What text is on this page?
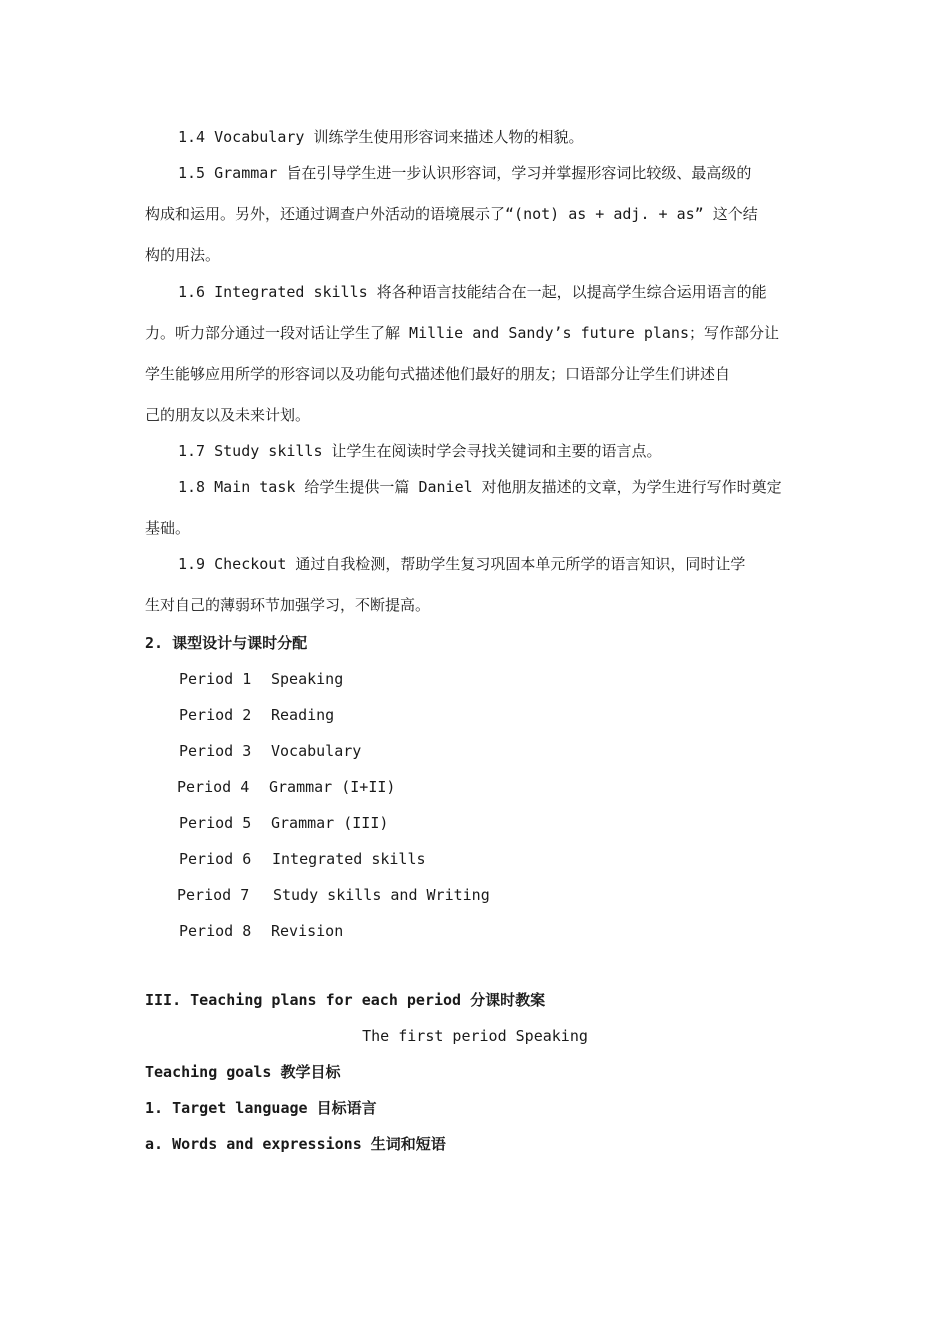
1.4 Vocabulary 训练学生使用形容词来描述人物的相貌。
1.5 Grammar 旨在引导学生进一步认识形容词，学习并掌握形容词比较级、最高级的
构成和运用。另外，还通过调查户外活动的语境展示了“(not) as + adj. + as” 这个结
构的用法。
1.6 Integrated skills 将各种语言技能结合在一起，以提高学生综合运用语言的能
力。听力部分通过一段对话让学生了解 Millie and Sandy’s future plans；写作部分让
学生能够应用所学的形容词以及功能句式描述他们最好的朋友；口语部分让学生们讲述自
己的朋友以及未来计划。
1.7 Study skills 让学生在阅读时学会寻找关键词和主要的语言点。
1.8 Main task 给学生提供一篇 Daniel 对他朋友描述的文章，为学生进行写作时奠定
基础。
1.9 Checkout 通过自我检测，帮助学生复习巩固本单元所学的语言知识，同时让学
生对自己的薄弱环节加强学习，不断提高。
2. 课型设计与课时分配
Period 1 Speaking
Period 2 Reading
Period 3 Vocabulary
Period 4 Grammar (I+II)
Period 5 Grammar (III)
Period 6 Integrated skills
Period 7 Study skills and Writing
Period 8 Revision
III. Teaching plans for each period 分课时教案
The first period Speaking
Teaching goals 教学目标
1. Target language 目标语言
a. Words and expressions 生词和短语
